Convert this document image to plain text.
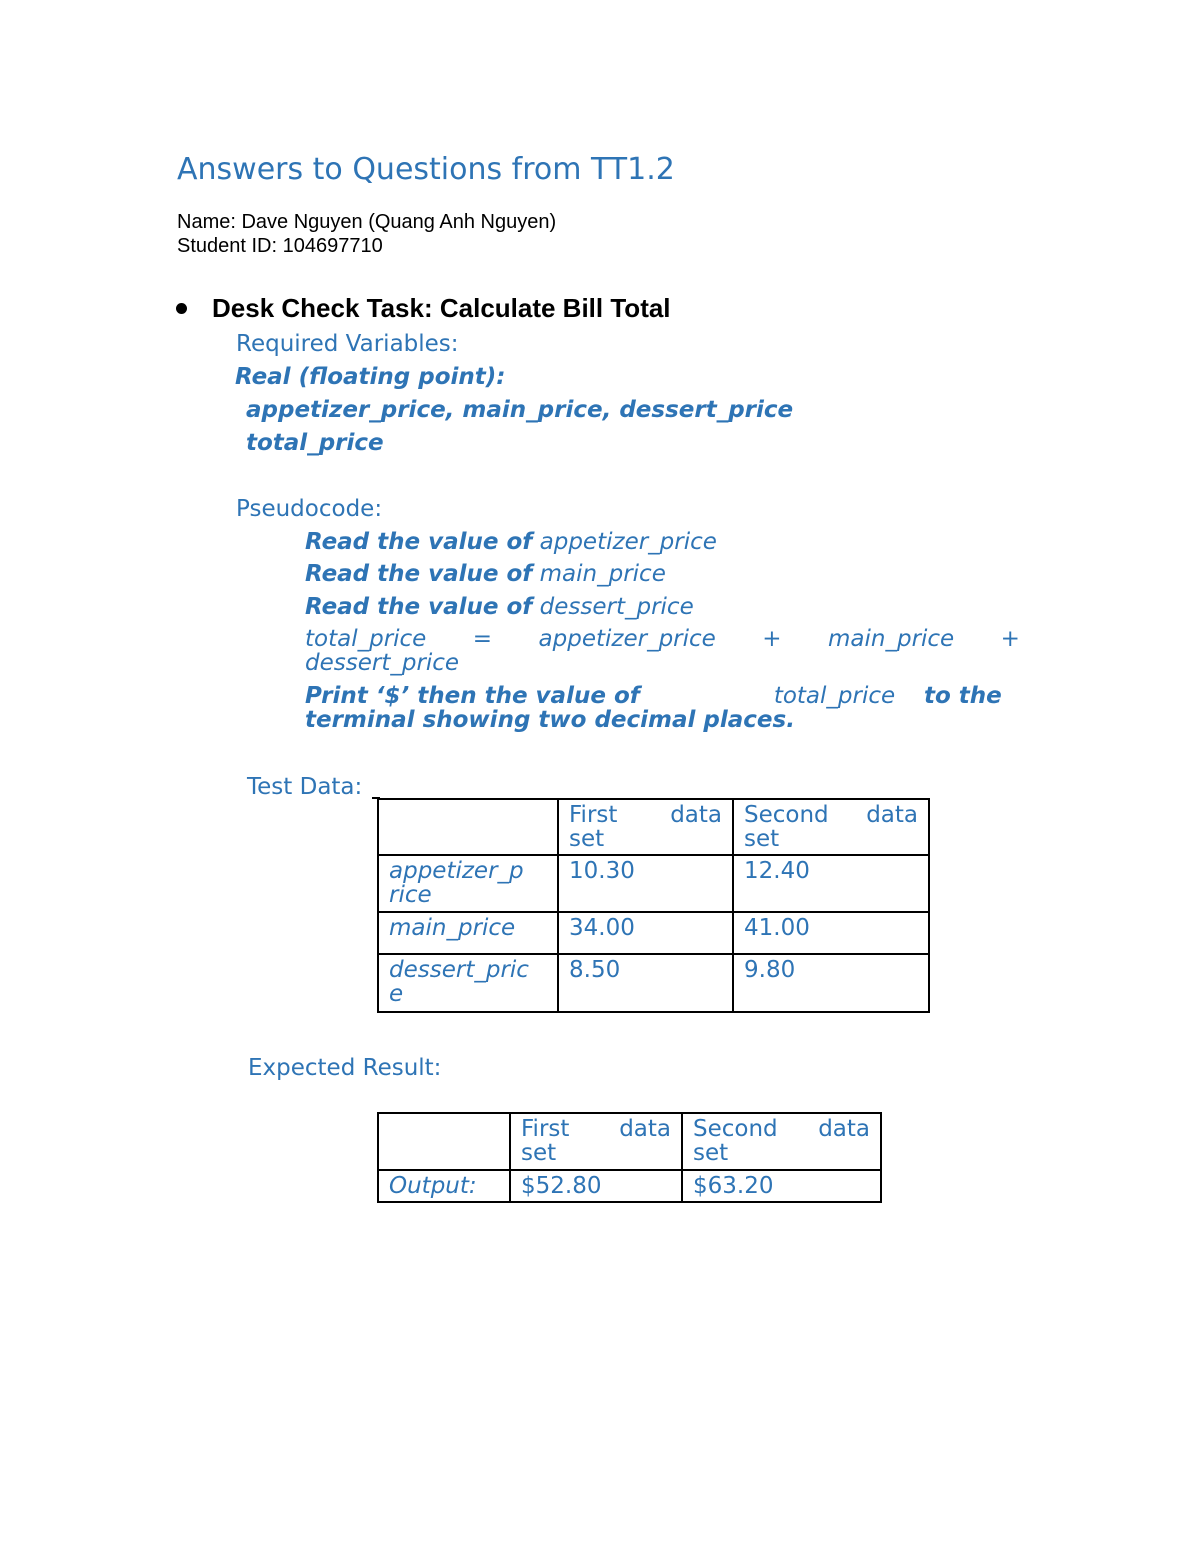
Answers to Questions from TT1.2
Name: Dave Nguyen (Quang Anh Nguyen)
Student ID: 104697710
Desk Check Task: Calculate Bill Total
Required Variables:
Real (floating point):
appetizer_price, main_price, dessert_price
total_price
Pseudocode:
Read the value of appetizer_price
Read the value of main_price
Read the value of dessert_price
total_price = appetizer_price + main_price +
dessert_price
Print ‘$’ then the value of	total_price to the
terminal showing two decimal places.
Test Data:

	First data
set	Second data
set

appetizer_p
rice	10.30	12.40
main_price	34.00	41.00
dessert_pric
e	8.50	9.80
Expected Result:

	First data
set	Second data
set

Output:	$52.80	$63.20
